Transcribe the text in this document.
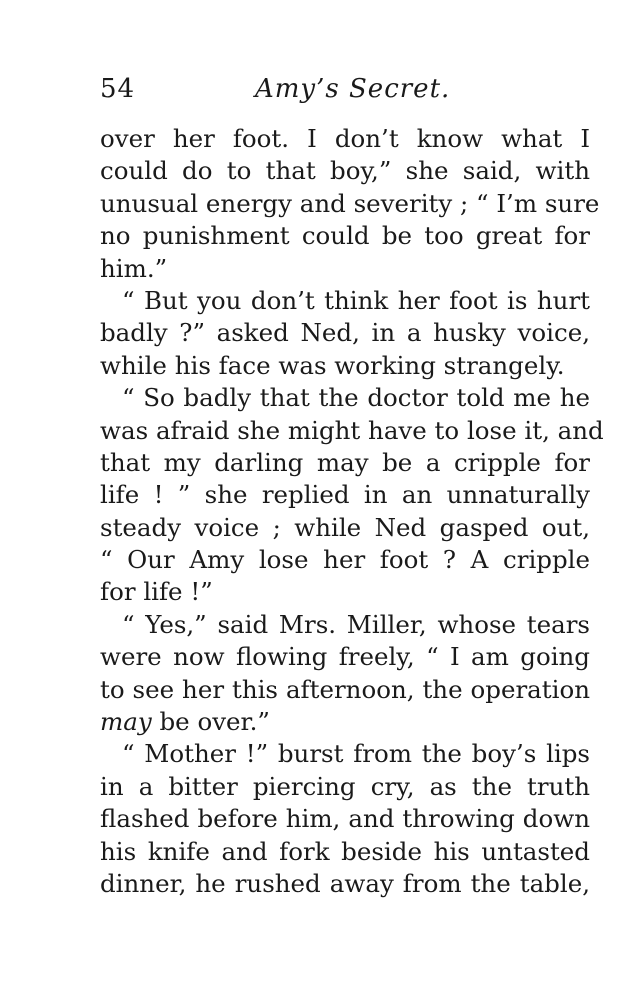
54	Amy’s Secret.
over her foot. I don’t know what I
could do to that boy,” she said, with
unusual energy and severity ; “ I’m sure
no punishment could be too great for
him.”
“ But you don’t think her foot is hurt
badly ?” asked Ned, in a husky voice,
while his face was working strangely.
“ So badly that the doctor told me he
was afraid she might have to lose it, and
that my darling may be a cripple for
life ! ” she replied in an unnaturally
steady voice ; while Ned gasped out,
“ Our Amy lose her foot ? A cripple
for life !”
“ Yes,” said Mrs. Miller, whose tears
were now flowing freely, “ I am going
to see her this afternoon, the operation
may be over.”
“ Mother !” burst from the boy’s lips
in a bitter piercing cry, as the truth
flashed before him, and throwing down
his knife and fork beside his untasted
dinner, he rushed away from the table,
